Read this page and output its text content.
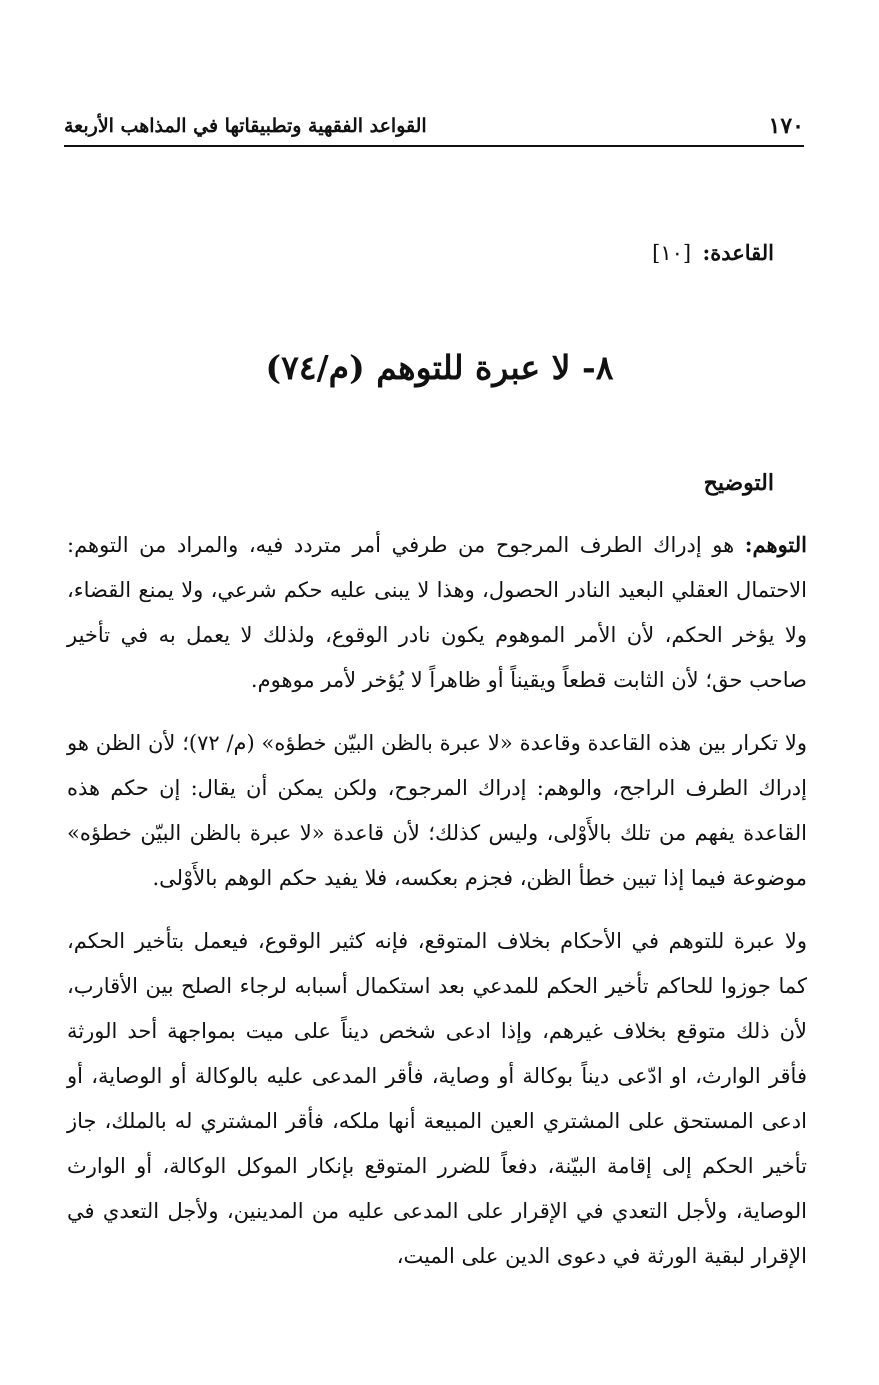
١٧٠
القواعد الفقهية وتطبيقاتها في المذاهب الأربعة
القاعدة: [١٠]
٨- لا عبرة للتوهم (م/٧٤)
التوضيح

التوهم: هو إدراك الطرف المرجوح من طرفي أمر متردد فيه، والمراد من التوهم: الاحتمال العقلي البعيد النادر الحصول، وهذا لا يبنى عليه حكم شرعي، ولا يمنع القضاء، ولا يؤخر الحكم، لأن الأمر الموهوم يكون نادر الوقوع، ولذلك لا يعمل به في تأخير صاحب حق؛ لأن الثابت قطعاً ويقيناً أو ظاهراً لا يُؤخر لأمر موهوم.

ولا تكرار بين هذه القاعدة وقاعدة «لا عبرة بالظن البيّن خطؤه» (م/ ٧٢)؛ لأن الظن هو إدراك الطرف الراجح، والوهم: إدراك المرجوح، ولكن يمكن أن يقال: إن حكم هذه القاعدة يفهم من تلك بالأَوْلى، وليس كذلك؛ لأن قاعدة «لا عبرة بالظن البيّن خطؤه» موضوعة فيما إذا تبين خطأ الظن، فجزم بعكسه، فلا يفيد حكم الوهم بالأَوْلى.

ولا عبرة للتوهم في الأحكام بخلاف المتوقع، فإنه كثير الوقوع، فيعمل بتأخير الحكم، كما جوزوا للحاكم تأخير الحكم للمدعي بعد استكمال أسبابه لرجاء الصلح بين الأقارب، لأن ذلك متوقع بخلاف غيرهم، وإذا ادعى شخص ديناً على ميت بمواجهة أحد الورثة فأقر الوارث، او ادّعى ديناً بوكالة أو وصاية، فأقر المدعى عليه بالوكالة أو الوصاية، أو ادعى المستحق على المشتري العين المبيعة أنها ملكه، فأقر المشتري له بالملك، جاز تأخير الحكم إلى إقامة البيّنة، دفعاً للضرر المتوقع بإنكار الموكل الوكالة، أو الوارث الوصاية، ولأجل التعدي في الإقرار على المدعى عليه من المدينين، ولأجل التعدي في الإقرار لبقية الورثة في دعوى الدين على الميت،
